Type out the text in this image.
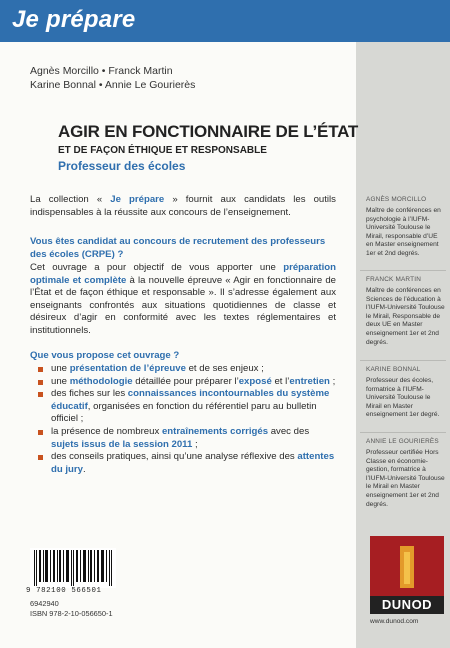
Je prépare
Agnès Morcillo • Franck Martin
Karine Bonnal • Annie Le Gourierès
AGIR EN FONCTIONNAIRE DE L’ÉTAT
ET DE FAÇON ÉTHIQUE ET RESPONSABLE
Professeur des écoles
La collection « Je prépare » fournit aux candidats les outils indispensables à la réussite aux concours de l’enseignement.
Vous êtes candidat au concours de recrutement des professeurs des écoles (CRPE) ?
Cet ouvrage a pour objectif de vous apporter une préparation optimale et complète à la nouvelle épreuve « Agir en fonctionnaire de l’État et de façon éthique et responsable ». Il s’adresse également aux enseignants confrontés aux situations quotidiennes de classe et désireux d’agir en conformité avec les textes réglementaires et institutionnels.
Que vous propose cet ouvrage ?
une présentation de l’épreuve et de ses enjeux ;
une méthodologie détaillée pour préparer l’exposé et l’entretien ;
des fiches sur les connaissances incontournables du système éducatif, organisées en fonction du référentiel paru au bulletin officiel ;
la présence de nombreux entraînements corrigés avec des sujets issus de la session 2011 ;
des conseils pratiques, ainsi qu’une analyse réflexive des attentes du jury.
AGNÈS MORCILLO
Maître de conférences en psychologie à l’IUFM-Université Toulouse le Mirail, responsable d’UE en Master enseignement 1er et 2nd degrés.
FRANCK MARTIN
Maître de conférences en Sciences de l’éducation à l’IUFM-Université Toulouse le Mirail, Responsable de deux UE en Master enseignement 1er et 2nd degrés.
KARINE BONNAL
Professeur des écoles, formatrice à l’IUFM-Université Toulouse le Mirail en Master enseignement 1er degré.
ANNIE LE GOURIERÈS
Professeur certifiée Hors Classe en économie-gestion, formatrice à l’IUFM-Université Toulouse le Mirail en Master enseignement 1er et 2nd degrés.
9 782100 566501
6942940
ISBN 978-2-10-056650-1
DUNOD
www.dunod.com
